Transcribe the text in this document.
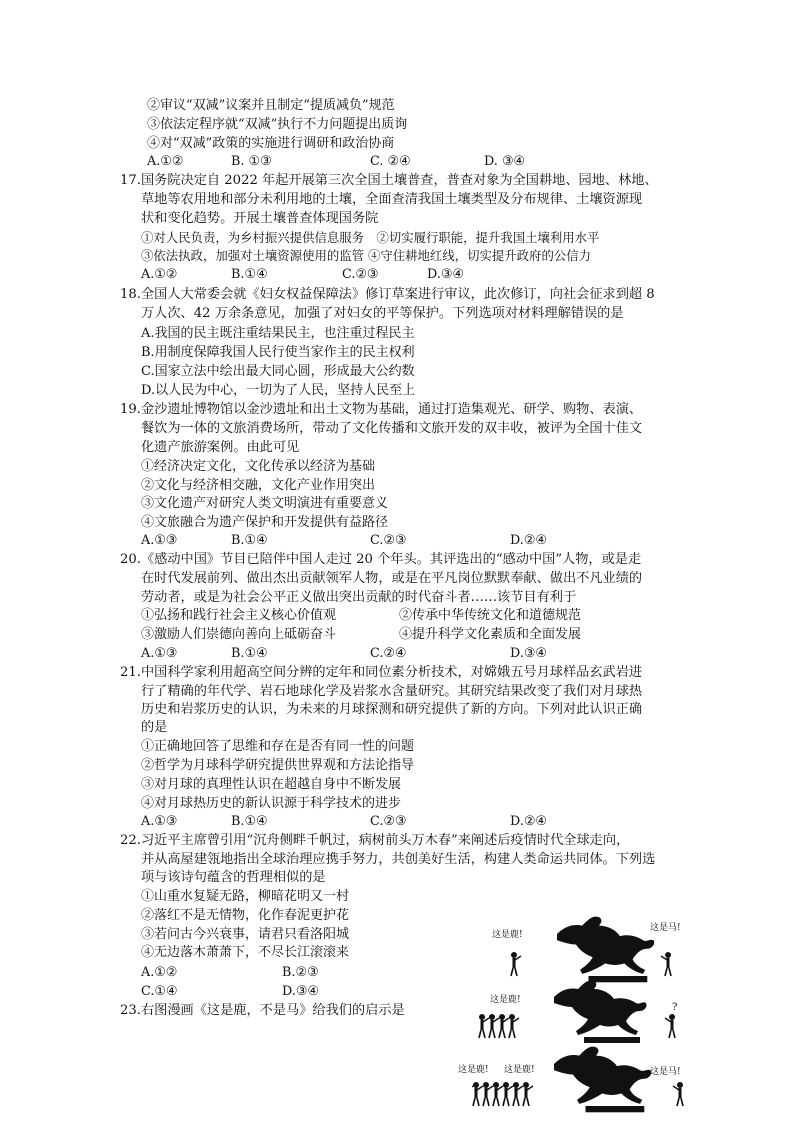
②审议“双减”议案并且制定“提质减负”规范
③依法定程序就“双减”执行不力问题提出质询
④对“双减”政策的实施进行调研和政治协商
A.①②	B. ①③	C. ②④	D. ③④
17.国务院决定自 2022 年起开展第三次全国土壤普查，普查对象为全国耕地、园地、林地、
草地等农用地和部分未利用地的土壤，全面查清我国土壤类型及分布规律、土壤资源现
状和变化趋势。开展土壤普查体现国务院
①对人民负责，为乡村振兴提供信息服务　②切实履行职能，提升我国土壤利用水平
③依法执政，加强对土壤资源使用的监管 ④守住耕地红线，切实提升政府的公信力
A.①②	B.①④	C.②③	D.③④
18.全国人大常委会就《妇女权益保障法》修订草案进行审议，此次修订，向社会征求到超 8
万人次、42 万余条意见，加强了对妇女的平等保护。下列选项对材料理解错误的是
A.我国的民主既注重结果民主，也注重过程民主
B.用制度保障我国人民行使当家作主的民主权利
C.国家立法中绘出最大同心圆，形成最大公约数
D.以人民为中心，一切为了人民，坚持人民至上
19.金沙遗址博物馆以金沙遗址和出土文物为基础，通过打造集观光、研学、购物、表演、
餐饮为一体的文旅消费场所，带动了文化传播和文旅开发的双丰收，被评为全国十佳文
化遗产旅游案例。由此可见
①经济决定文化，文化传承以经济为基础
②文化与经济相交融，文化产业作用突出
③文化遗产对研究人类文明演进有重要意义
④文旅融合为遗产保护和开发提供有益路径
A.①③	B.①④	C.②③	D.②④
20.《感动中国》节目已陪伴中国人走过 20 个年头。其评选出的“感动中国”人物，或是走
在时代发展前列、做出杰出贡献领军人物，或是在平凡岗位默默奉献、做出不凡业绩的
劳动者，或是为社会公平正义做出突出贡献的时代奋斗者……该节目有利于
①弘扬和践行社会主义核心价值观	②传承中华传统文化和道德规范
③激励人们崇德向善向上砥砺奋斗	④提升科学文化素质和全面发展
A.①③	B.①④	C.②④	D.③④
21.中国科学家利用超高空间分辨的定年和同位素分析技术，对嫦娥五号月球样品玄武岩进
行了精确的年代学、岩石地球化学及岩浆水含量研究。其研究结果改变了我们对月球热
历史和岩浆历史的认识，为未来的月球探测和研究提供了新的方向。下列对此认识正确
的是
①正确地回答了思维和存在是否有同一性的问题
②哲学为月球科学研究提供世界观和方法论指导
③对月球的真理性认识在超越自身中不断发展
④对月球热历史的新认识源于科学技术的进步
A.①③	B.①④	C.②③	D.②④
22.习近平主席曾引用“沉舟侧畔千帆过，病树前头万木春”来阐述后疫情时代全球走向，
并从高屋建瓴地指出全球治理应携手努力，共创美好生活，构建人类命运共同体。下列选
项与该诗句蕴含的哲理相似的是
①山重水复疑无路，柳暗花明又一村
②落红不是无情物，化作春泥更护花
③若问古今兴衰事，请君只看洛阳城
④无边落木萧萧下，不尽长江滚滚来
A.①②	B.②③
C.①④	D.③④
23.右图漫画《这是鹿，不是马》给我们的启示是
这是鹿!
这是马!
这是鹿!
?
这是鹿! 这是鹿!	这是马!
